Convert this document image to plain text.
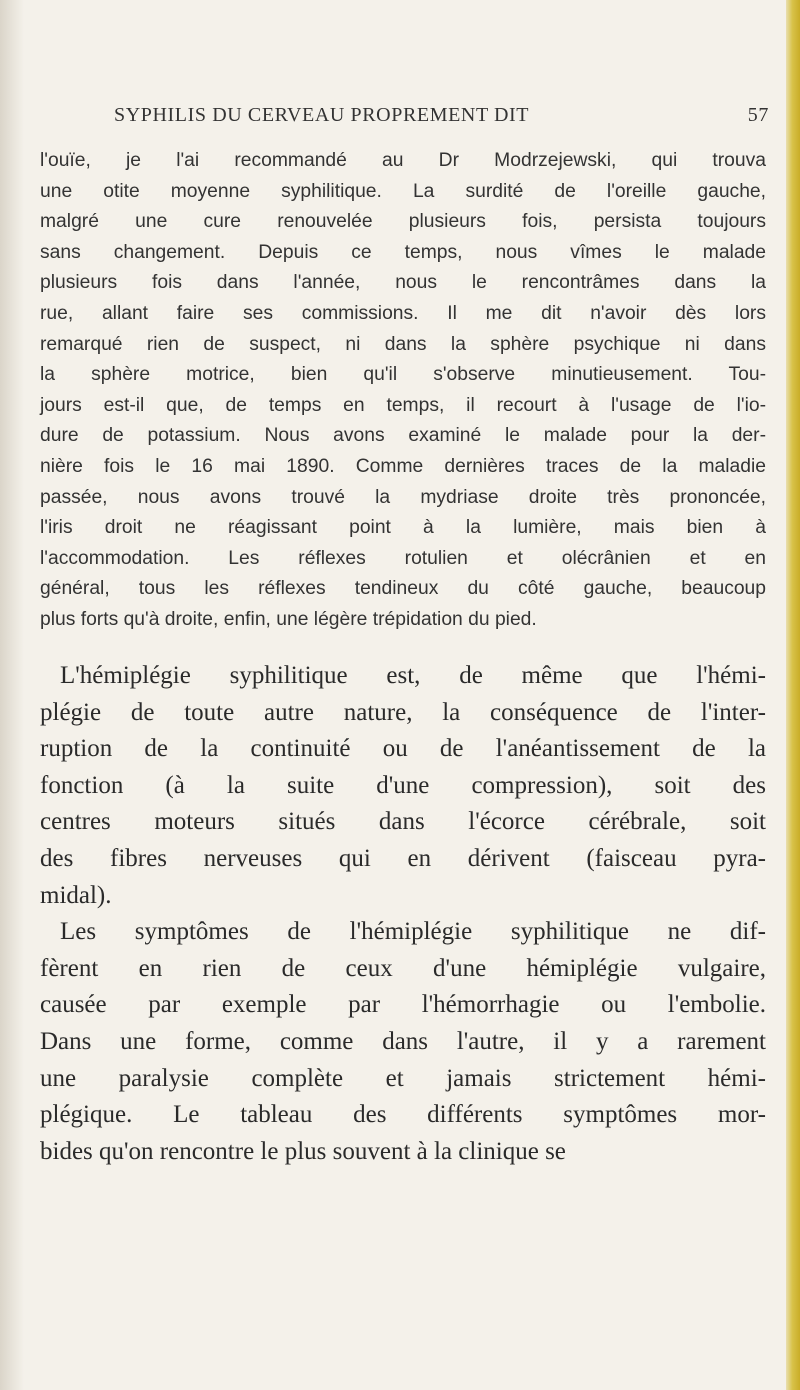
SYPHILIS DU CERVEAU PROPREMENT DIT	57
l'ouïe, je l'ai recommandé au Dr Modrzejewski, qui trouva
une otite moyenne syphilitique. La surdité de l'oreille gauche,
malgré une cure renouvelée plusieurs fois, persista toujours
sans changement. Depuis ce temps, nous vîmes le malade
plusieurs fois dans l'année, nous le rencontrâmes dans la
rue, allant faire ses commissions. Il me dit n'avoir dès lors
remarqué rien de suspect, ni dans la sphère psychique ni dans
la sphère motrice, bien qu'il s'observe minutieusement. Tou-
jours est-il que, de temps en temps, il recourt à l'usage de l'io-
dure de potassium. Nous avons examiné le malade pour la der-
nière fois le 16 mai 1890. Comme dernières traces de la maladie
passée, nous avons trouvé la mydriase droite très prononcée,
l'iris droit ne réagissant point à la lumière, mais bien à
l'accommodation. Les réflexes rotulien et olécrânien et en
général, tous les réflexes tendineux du côté gauche, beaucoup
plus forts qu'à droite, enfin, une légère trépidation du pied.
L'hémiplégie syphilitique est, de même que l'hémi-
plégie de toute autre nature, la conséquence de l'inter-
ruption de la continuité ou de l'anéantissement de la
fonction (à la suite d'une compression), soit des
centres moteurs situés dans l'écorce cérébrale, soit
des fibres nerveuses qui en dérivent (faisceau pyra-
midal).
Les symptômes de l'hémiplégie syphilitique ne dif-
fèrent en rien de ceux d'une hémiplégie vulgaire,
causée par exemple par l'hémorrhagie ou l'embolie.
Dans une forme, comme dans l'autre, il y a rarement
une paralysie complète et jamais strictement hémi-
plégique. Le tableau des différents symptômes mor-
bides qu'on rencontre le plus souvent à la clinique se
